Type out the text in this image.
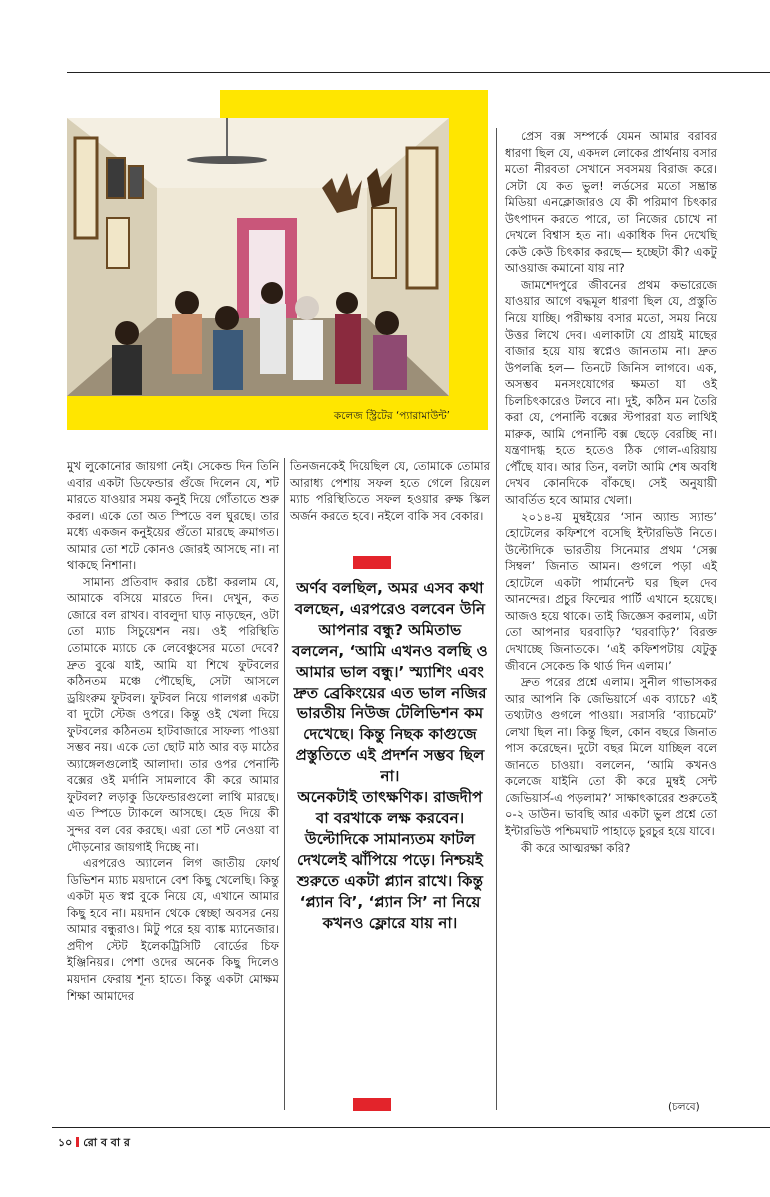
কলেজ স্ট্রিটের ‘প্যারামাউন্ট’

মুখ লুকোনোর জায়গা নেই। সেকেন্ড দিন তিনি এবার একটা ডিফেন্ডার গুঁজে দিলেন যে, শট মারতে যাওয়ার সময় কনুই দিয়ে গোঁতাতে শুরু করল। একে তো অত স্পিডে বল ঘুরছে। তার মধ্যে একজন কনুইয়ের গুঁতো মারছে ক্রমাগত। আমার তো শটে কোনও জোরই আসছে না। না থাকছে নিশানা।

সামান্য প্রতিবাদ করার চেষ্টা করলাম যে, আমাকে বসিয়ে মারতে দিন। দেখুন, কত জোরে বল রাখব। বাবলুদা ঘাড় নাড়ছেন, ওটা তো ম্যাচ সিচুয়েশন নয়। ওই পরিস্থিতি তোমাকে ম্যাচে কে লেবেঞ্চুসের মতো দেবে? দ্রুত বুঝে যাই, আমি যা শিখে ফুটবলের কঠিনতম মঞ্চে পৌছেছি, সেটা আসলে ড্রয়িংরুম ফুটবল। ফুটবল নিয়ে গালগপ্প একটা বা দুটো স্টেজ ওপরে। কিন্তু ওই খেলা দিয়ে ফুটবলের কঠিনতম হাটবাজারে সাফল্য পাওয়া সম্ভব নয়। একে তো ছোট মাঠ আর বড় মাঠের অ্যাঙ্গেলগুলোই আলাদা। তার ওপর পেনাল্টি বক্সের ওই মর্দানি সামলাবে কী করে আমার ফুটবল? লড়াকু ডিফেন্ডারগুলো লাথি মারছে। এত স্পিডে ট্যাকলে আসছে। হেড দিয়ে কী সুন্দর বল বের করছে। এরা তো শট নেওয়া বা দৌড়নোর জায়গাই দিচ্ছে না।

এরপরেও অ্যালেন লিগ জাতীয় ফোর্থ ডিভিশন ম্যাচ ময়দানে বেশ কিছু খেলেছি। কিন্তু একটা মৃত স্বপ্ন বুকে নিয়ে যে, এখানে আমার কিছু হবে না। ময়দান থেকে স্বেচ্ছা অবসর নেয় আমার বন্ধুরাও। মিটু পরে হয় ব্যাঙ্ক ম্যানেজার। প্রদীপ স্টেট ইলেকট্রিসিটি বোর্ডের চিফ ইঞ্জিনিয়র। পেশা ওদের অনেক কিছু দিলেও ময়দান ফেরায় শূন্য হাতে। কিন্তু একটা মোক্ষম শিক্ষা আমাদের

তিনজনকেই দিয়েছিল যে, তোমাকে তোমার আরাধ্য পেশায় সফল হতে গেলে রিয়েল ম্যাচ পরিস্থিতিতে সফল হওয়ার রুক্ষ স্কিল অর্জন করতে হবে। নইলে বাকি সব বেকার।

অর্ণব বলছিল, অমর এসব কথা বলছেন, এরপরেও বলবেন উনি আপনার বন্ধু? অমিতাভ বললেন, ‘আমি এখনও বলছি ও আমার ভাল বন্ধু।’ স্ম্যাশিং এবং দ্রুত ব্রেকিংয়ের এত ভাল নজির ভারতীয় নিউজ টেলিভিশন কম দেখেছে। কিন্তু নিছক কাগুজে প্রস্তুতিতে এই প্রদর্শন সম্ভব ছিল না।

অনেকটাই তাৎক্ষণিক। রাজদীপ বা বরখাকে লক্ষ করবেন। উল্টোদিকে সামান্যতম ফাটল দেখলেই ঝাঁপিয়ে পড়ে। নিশ্চয়ই শুরুতে একটা প্ল্যান রাখে। কিন্তু ‘প্ল্যান বি’, ‘প্ল্যান সি’ না নিয়ে কখনও ফ্লোরে যায় না।

প্রেস বক্স সম্পর্কে যেমন আমার বরাবর ধারণা ছিল যে, একদল লোকের প্রার্থনায় বসার মতো নীরবতা সেখানে সবসময় বিরাজ করে। সেটা যে কত ভুল! লর্ডসের মতো সম্ভ্রান্ত মিডিয়া এনক্লোজারও যে কী পরিমাণ চিৎকার উৎপাদন করতে পারে, তা নিজের চোখে না দেখলে বিশ্বাস হত না। একাধিক দিন দেখেছি কেউ কেউ চিৎকার করছে— হচ্ছেটা কী? একটু আওয়াজ কমানো যায় না?

জামশেদপুরে জীবনের প্রথম কভারেজে যাওয়ার আগে বদ্ধমূল ধারণা ছিল যে, প্রস্তুতি নিয়ে যাচ্ছি। পরীক্ষায় বসার মতো, সময় নিয়ে উত্তর লিখে দেব। এলাকাটা যে প্রায়ই মাছের বাজার হয়ে যায় স্বপ্নেও জানতাম না। দ্রুত উপলব্ধি হল— তিনটে জিনিস লাগবে। এক, অসম্ভব মনসংযোগের ক্ষমতা যা ওই চিলচিৎকারেও টলবে না। দুই, কঠিন মন তৈরি করা যে, পেনাল্টি বক্সের স্টপাররা যত লাথিই মারুক, আমি পেনাল্টি বক্স ছেড়ে বেরচ্ছি না। যন্ত্রণাদগ্ধ হতে হতেও ঠিক গোল-এরিয়ায় পৌঁছে যাব। আর তিন, বলটা আমি শেষ অবধি দেখব কোনদিকে বাঁকছে। সেই অনুযায়ী আবর্তিত হবে আমার খেলা।

২০১৪-য় মুম্বইয়ের ‘সান অ্যান্ড স্যান্ড’ হোটেলের কফিশপে বসেছি ইন্টারভিউ নিতে। উল্টোদিকে ভারতীয় সিনেমার প্রথম ‘সেক্স সিম্বল’ জিনাত আমন। গুগলে পড়া এই হোটেলে একটা পার্মানেন্ট ঘর ছিল দেব আনন্দের। প্রচুর ফিল্মের পার্টি এখানে হয়েছে। আজও হয়ে থাকে। তাই জিজ্ঞেস করলাম, এটা তো আপনার ঘরবাড়ি? ‘ঘরবাড়ি?’ বিরক্ত দেখাচ্ছে জিনাতকে। ‘এই কফিশপটায় যেটুকু জীবনে সেকেন্ড কি থার্ড দিন এলাম।’

দ্রুত পরের প্রশ্নে এলাম। সুনীল গাভাসকর আর আপনি কি জেভিয়ার্সে এক ব্যাচে? এই তথ্যটাও গুগলে পাওয়া। সরাসরি ‘ব্যাচমেট’ লেখা ছিল না। কিন্তু ছিল, কোন বছরে জিনাত পাস করেছেন। দুটো বছর মিলে যাচ্ছিল বলে জানতে চাওয়া। বললেন, ‘আমি কখনও কলেজে যাইনি তো কী করে মুম্বই সেন্ট জেভিয়ার্স-এ পড়লাম?’ সাক্ষাৎকারের শুরুতেই ০-২ ডাউন। ভাবছি আর একটা ভুল প্রশ্নে তো ইন্টারভিউ পশ্চিমঘাট পাহাড়ে চুরচুর হয়ে যাবে।

কী করে আত্মরক্ষা করি?

(চলবে)
১০ রো ব বা র
